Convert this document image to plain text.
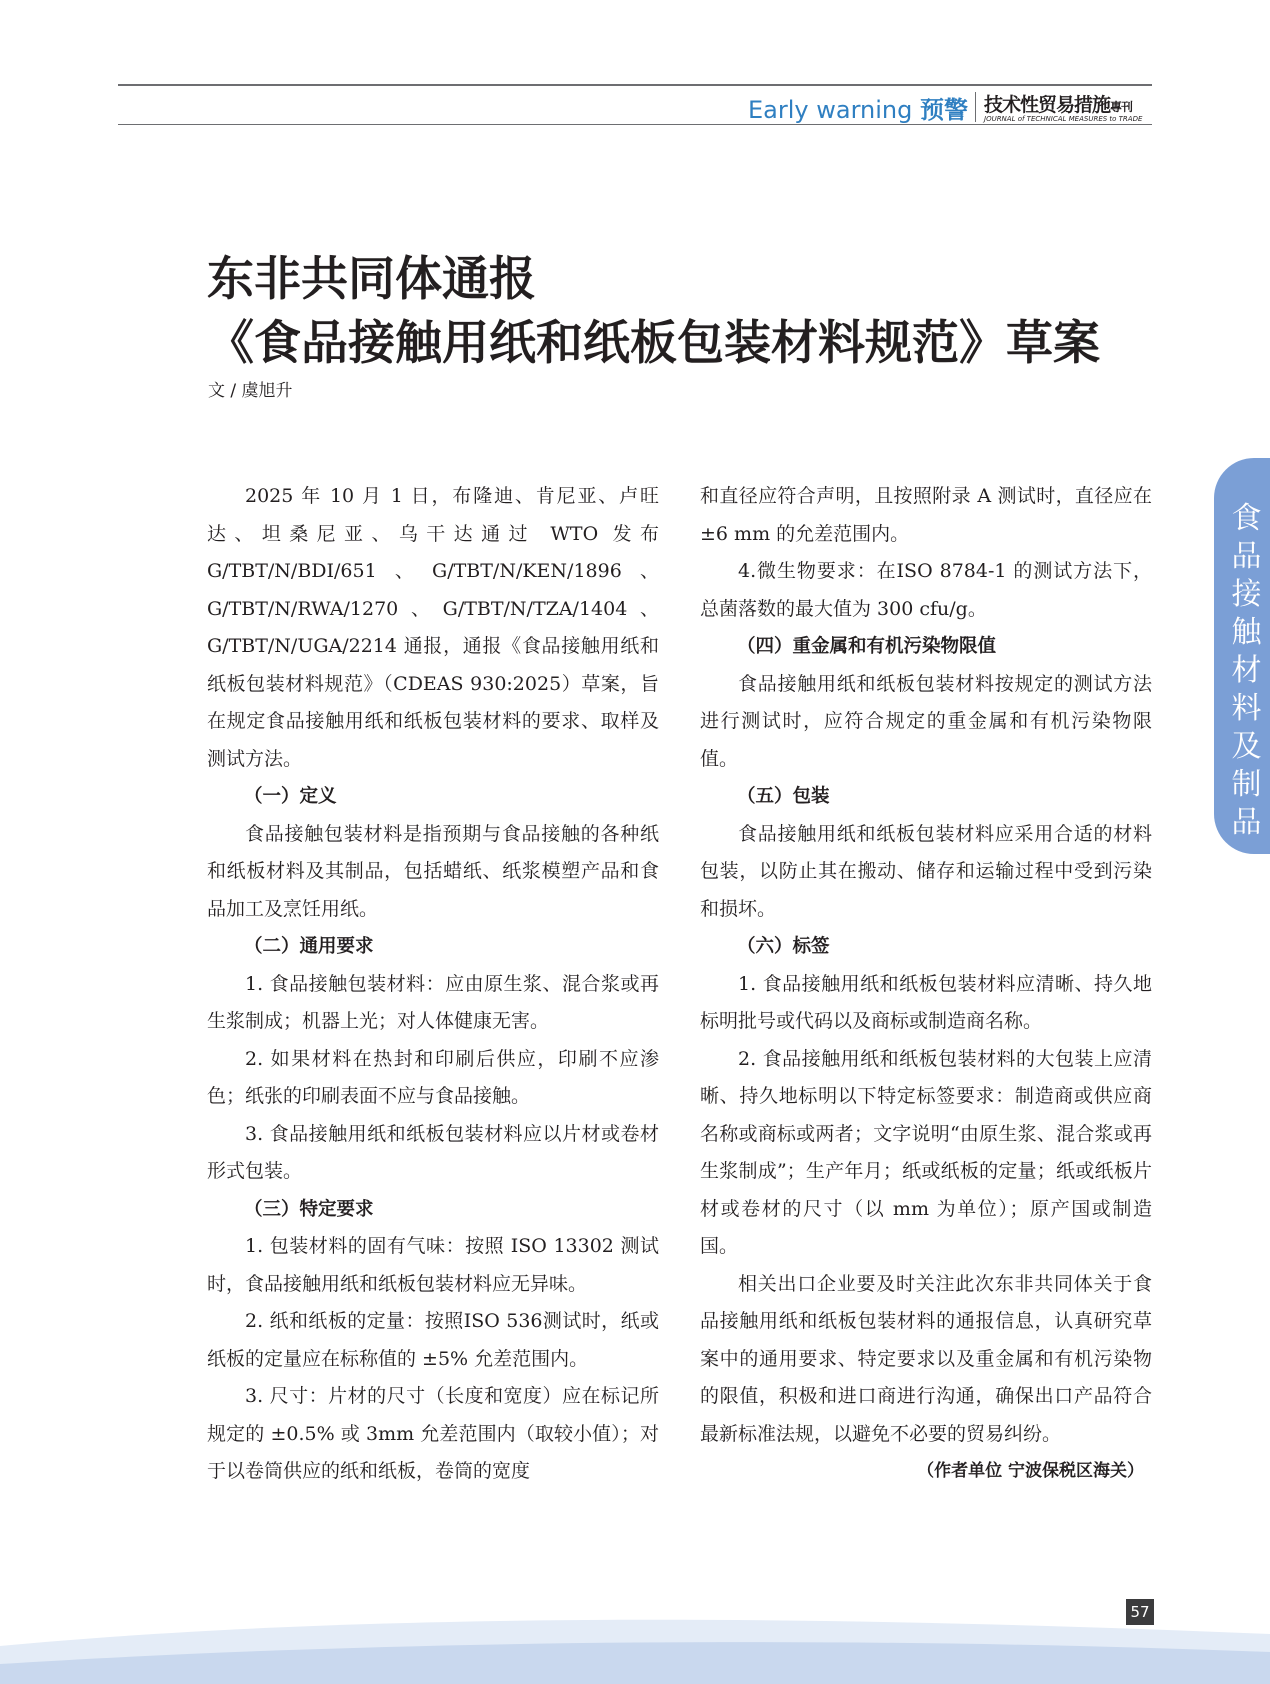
Early warning 预警 技术性贸易措施專刊
JOURNAL of TECHNICAL MEASURES to TRADE
东非共同体通报
《食品接触用纸和纸板包装材料规范》草案
文 / 虞旭升

2025 年 10 月 1 日，布隆迪、肯尼亚、卢旺达、坦桑尼亚、乌干达通过 WTO 发布 G/TBT/N/BDI/651、G/TBT/N/KEN/1896、G/TBT/N/RWA/1270、G/TBT/N/TZA/1404、G/TBT/N/UGA/2214 通报，通报《食品接触用纸和纸板包装材料规范》（CDEAS 930:2025）草案，旨在规定食品接触用纸和纸板包装材料的要求、取样及测试方法。

（一）定义

食品接触包装材料是指预期与食品接触的各种纸和纸板材料及其制品，包括蜡纸、纸浆模塑产品和食品加工及烹饪用纸。

（二）通用要求

1. 食品接触包装材料：应由原生浆、混合浆或再生浆制成；机器上光；对人体健康无害。

2. 如果材料在热封和印刷后供应，印刷不应渗色；纸张的印刷表面不应与食品接触。

3. 食品接触用纸和纸板包装材料应以片材或卷材形式包装。

（三）特定要求

1. 包装材料的固有气味：按照 ISO 13302 测试时，食品接触用纸和纸板包装材料应无异味。

2. 纸和纸板的定量：按照ISO 536测试时，纸或纸板的定量应在标称值的 ±5% 允差范围内。

3. 尺寸：片材的尺寸（长度和宽度）应在标记所规定的 ±0.5% 或 3mm 允差范围内（取较小值）；对于以卷筒供应的纸和纸板，卷筒的宽度

和直径应符合声明，且按照附录 A 测试时，直径应在 ±6 mm 的允差范围内。

4.微生物要求：在ISO 8784-1 的测试方法下，总菌落数的最大值为 300 cfu/g。

（四）重金属和有机污染物限值

食品接触用纸和纸板包装材料按规定的测试方法进行测试时，应符合规定的重金属和有机污染物限值。

（五）包装

食品接触用纸和纸板包装材料应采用合适的材料包装，以防止其在搬动、储存和运输过程中受到污染和损坏。

（六）标签

1. 食品接触用纸和纸板包装材料应清晰、持久地标明批号或代码以及商标或制造商名称。

2. 食品接触用纸和纸板包装材料的大包装上应清晰、持久地标明以下特定标签要求：制造商或供应商名称或商标或两者；文字说明“由原生浆、混合浆或再生浆制成”；生产年月；纸或纸板的定量；纸或纸板片材或卷材的尺寸（以 mm 为单位）；原产国或制造国。

相关出口企业要及时关注此次东非共同体关于食品接触用纸和纸板包装材料的通报信息，认真研究草案中的通用要求、特定要求以及重金属和有机污染物的限值，积极和进口商进行沟通，确保出口产品符合最新标准法规，以避免不必要的贸易纠纷。

（作者单位 宁波保税区海关）

食品接触材料及制品
57
